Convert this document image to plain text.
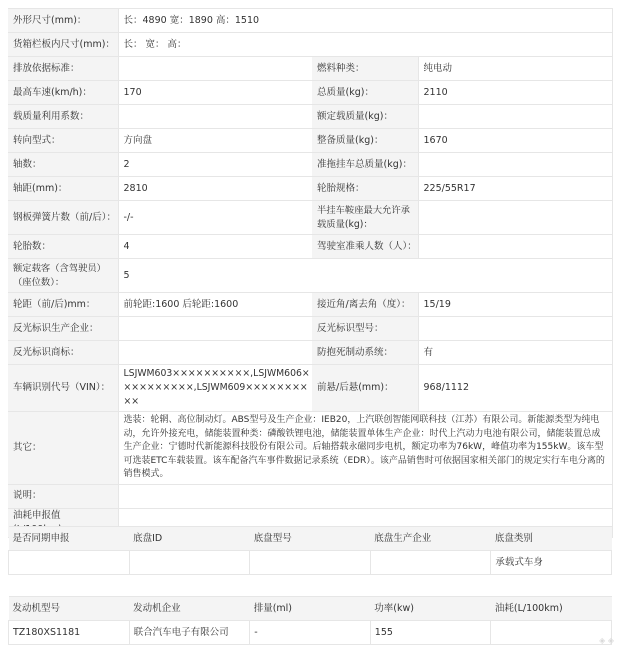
外形尺寸(mm)：	长：4890 宽：1890 高：1510		
货箱栏板内尺寸(mm)：	长： 宽： 高：		
排放依据标准：		燃料种类：	纯电动
最高车速(km/h)：	170	总质量(kg)：	2110
载质量利用系数：		额定载质量(kg)：	
转向型式：	方向盘	整备质量(kg)：	1670
轴数：	2	准拖挂车总质量(kg)：	
轴距(mm)：	2810	轮胎规格：	225/55R17
钢板弹簧片数（前/后）：	-/-	半挂车鞍座最大允许承载质量(kg)：	
轮胎数：	4	驾驶室准乘人数（人）：	
额定载客（含驾驶员）（座位数）：	5		
轮距（前/后)mm：	前轮距:1600 后轮距:1600	接近角/离去角（度）：	15/19
反光标识生产企业：		反光标识型号：	
反光标识商标：		防抱死制动系统：	有
车辆识别代号（VIN）：	LSJWM603××××××××××,LSJWM606××××××××××,LSJWM609××××××××××	前悬/后悬(mm)：	968/1112
其它：	选装：轮辋、高位制动灯。ABS型号及生产企业：IEB20，上汽联创智能网联科技（江苏）有限公司。新能源类型为纯电动，允许外接充电，储能装置种类：磷酸铁锂电池，储能装置单体生产企业：时代上汽动力电池有限公司，储能装置总成生产企业：宁德时代新能源科技股份有限公司。后轴搭载永磁同步电机，额定功率为76kW，峰值功率为155kW。该车型可选装ETC车载装置。该车配备汽车事件数据记录系统（EDR）。该产品销售时可依据国家相关部门的规定实行车电分离的销售模式。		
说明：			
油耗申报值			
是否同期申报	底盘ID	底盘型号	底盘生产企业	底盘类别
				承载式车身
发动机型号	发动机企业	排量(ml)	功率(kw)	油耗(L/100km)
TZ180XS1181	联合汽车电子有限公司	-	155	
◈ ◈
